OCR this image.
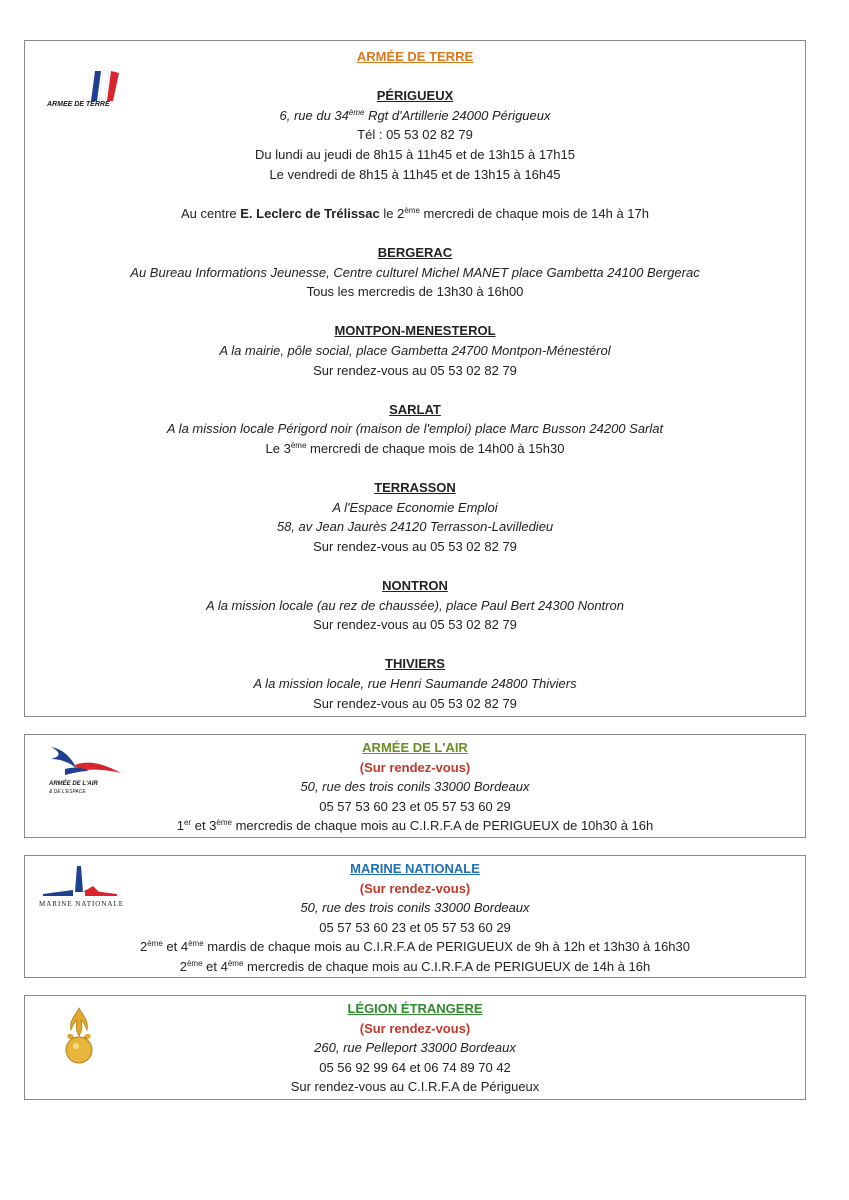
ARMEE DE TERRE
ARMÉE DE TERRE
PÉRIGUEUX
6, rue du 34ème Rgt d'Artillerie 24000 Périgueux
Tél : 05 53 02 82 79
Du lundi au jeudi de 8h15 à 11h45 et de 13h15 à 17h15
Le vendredi de 8h15 à 11h45 et de 13h15 à 16h45
Au centre E. Leclerc de Trélissac le 2ème mercredi de chaque mois de 14h à 17h
BERGERAC
Au Bureau Informations Jeunesse, Centre culturel Michel MANET place Gambetta 24100 Bergerac
Tous les mercredis de 13h30 à 16h00
MONTPON-MENESTEROL
A la mairie, pôle social, place Gambetta 24700 Montpon-Ménestérol
Sur rendez-vous au 05 53 02 82 79
SARLAT
A la mission locale Périgord noir (maison de l'emploi) place Marc Busson 24200 Sarlat
Le 3ème mercredi de chaque mois de 14h00 à 15h30
TERRASSON
A l'Espace Economie Emploi
58, av Jean Jaurès 24120 Terrasson-Lavilledieu
Sur rendez-vous au 05 53 02 82 79
NONTRON
A la mission locale (au rez de chaussée), place Paul Bert 24300 Nontron
Sur rendez-vous au 05 53 02 82 79
THIVIERS
A la mission locale, rue Henri Saumande 24800 Thiviers
Sur rendez-vous au 05 53 02 82 79
ARMÉE DE L'AIR
& DE L'ESPACE
ARMÉE DE L'AIR
(Sur rendez-vous)
50, rue des trois conils 33000 Bordeaux
05 57 53 60 23 et 05 57 53 60 29
1er et 3ème mercredis de chaque mois au C.I.R.F.A de PERIGUEUX de 10h30 à 16h
MARINE NATIONALE
MARINE NATIONALE
(Sur rendez-vous)
50, rue des trois conils 33000 Bordeaux
05 57 53 60 23 et 05 57 53 60 29
2ème et 4ème mardis de chaque mois au C.I.R.F.A de PERIGUEUX de 9h à 12h et 13h30 à 16h30
2ème et 4ème mercredis de chaque mois au C.I.R.F.A de PERIGUEUX de 14h à 16h
LÉGION ÉTRANGERE
(Sur rendez-vous)
260, rue Pelleport 33000 Bordeaux
05 56 92 99 64 et 06 74 89 70 42
Sur rendez-vous au C.I.R.F.A de Périgueux
